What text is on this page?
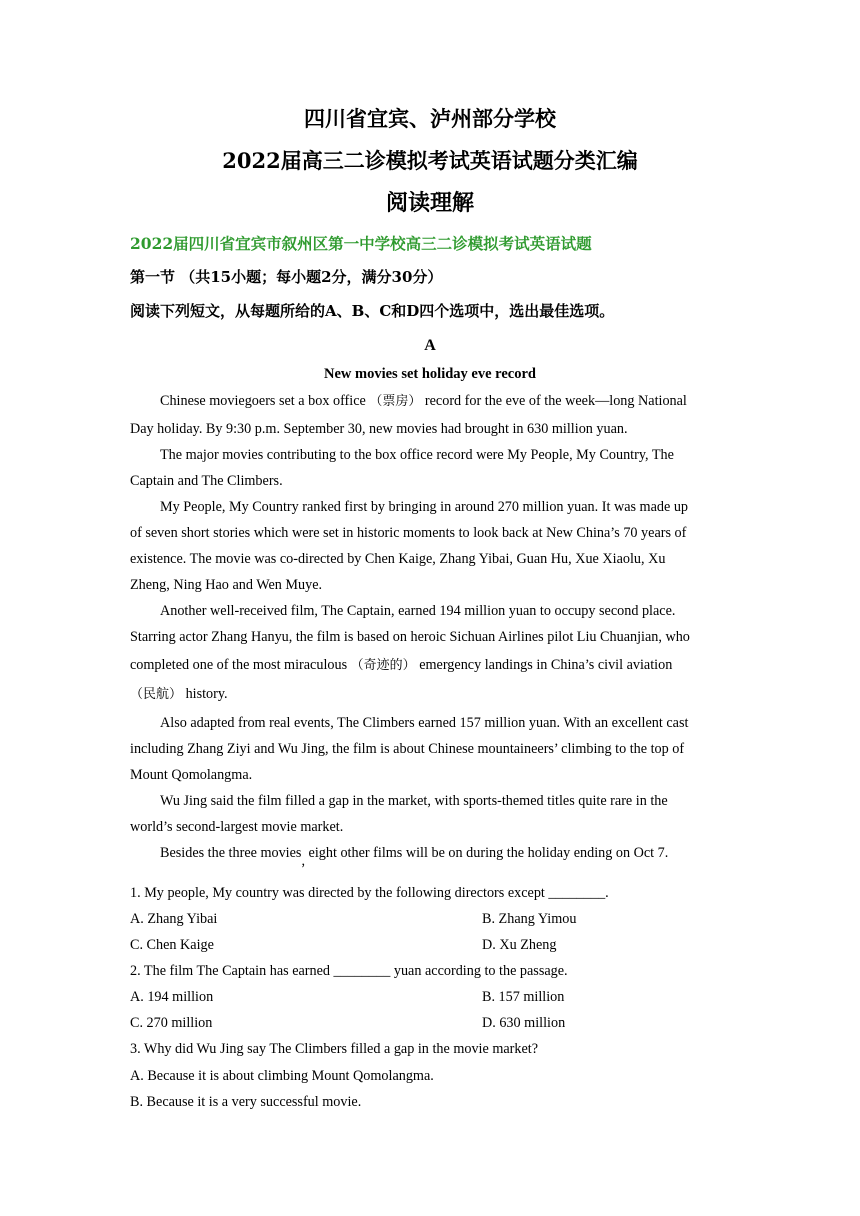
四川省宜宾、泸州部分学校
2022届高三二诊模拟考试英语试题分类汇编
阅读理解
2022届四川省宜宾市叙州区第一中学校高三二诊模拟考试英语试题
第一节 （共15小题；每小题2分，满分30分）
阅读下列短文，从每题所给的A、B、C和D四个选项中，选出最佳选项。
A
New movies set holiday eve record
Chinese moviegoers set a box office （票房） record for the eve of the week—long National
Day holiday. By 9:30 p.m. September 30, new movies had brought in 630 million yuan.
The major movies contributing to the box office record were My People, My Country, The
Captain and The Climbers.
My People, My Country ranked first by bringing in around 270 million yuan. It was made up
of seven short stories which were set in historic moments to look back at New China’s 70 years of
existence. The movie was co-directed by Chen Kaige, Zhang Yibai, Guan Hu, Xue Xiaolu, Xu
Zheng, Ning Hao and Wen Muye.
Another well-received film, The Captain, earned 194 million yuan to occupy second place.
Starring actor Zhang Hanyu, the film is based on heroic Sichuan Airlines pilot Liu Chuanjian, who
completed one of the most miraculous （奇迹的） emergency landings in China’s civil aviation
（民航） history.
Also adapted from real events, The Climbers earned 157 million yuan. With an excellent cast
including Zhang Ziyi and Wu Jing, the film is about Chinese mountaineers’ climbing to the top of
Mount Qomolangma.
Wu Jing said the film filled a gap in the market, with sports-themed titles quite rare in the
world’s second-largest movie market.
Besides the three movies, eight other films will be on during the holiday ending on Oct 7.
1. My people, My country was directed by the following directors except ________.
A. Zhang Yibai	B. Zhang Yimou
C. Chen Kaige	D. Xu Zheng
2. The film The Captain has earned ________ yuan according to the passage.
A. 194 million	B. 157 million
C. 270 million	D. 630 million
3. Why did Wu Jing say The Climbers filled a gap in the movie market?
A. Because it is about climbing Mount Qomolangma.
B. Because it is a very successful movie.
